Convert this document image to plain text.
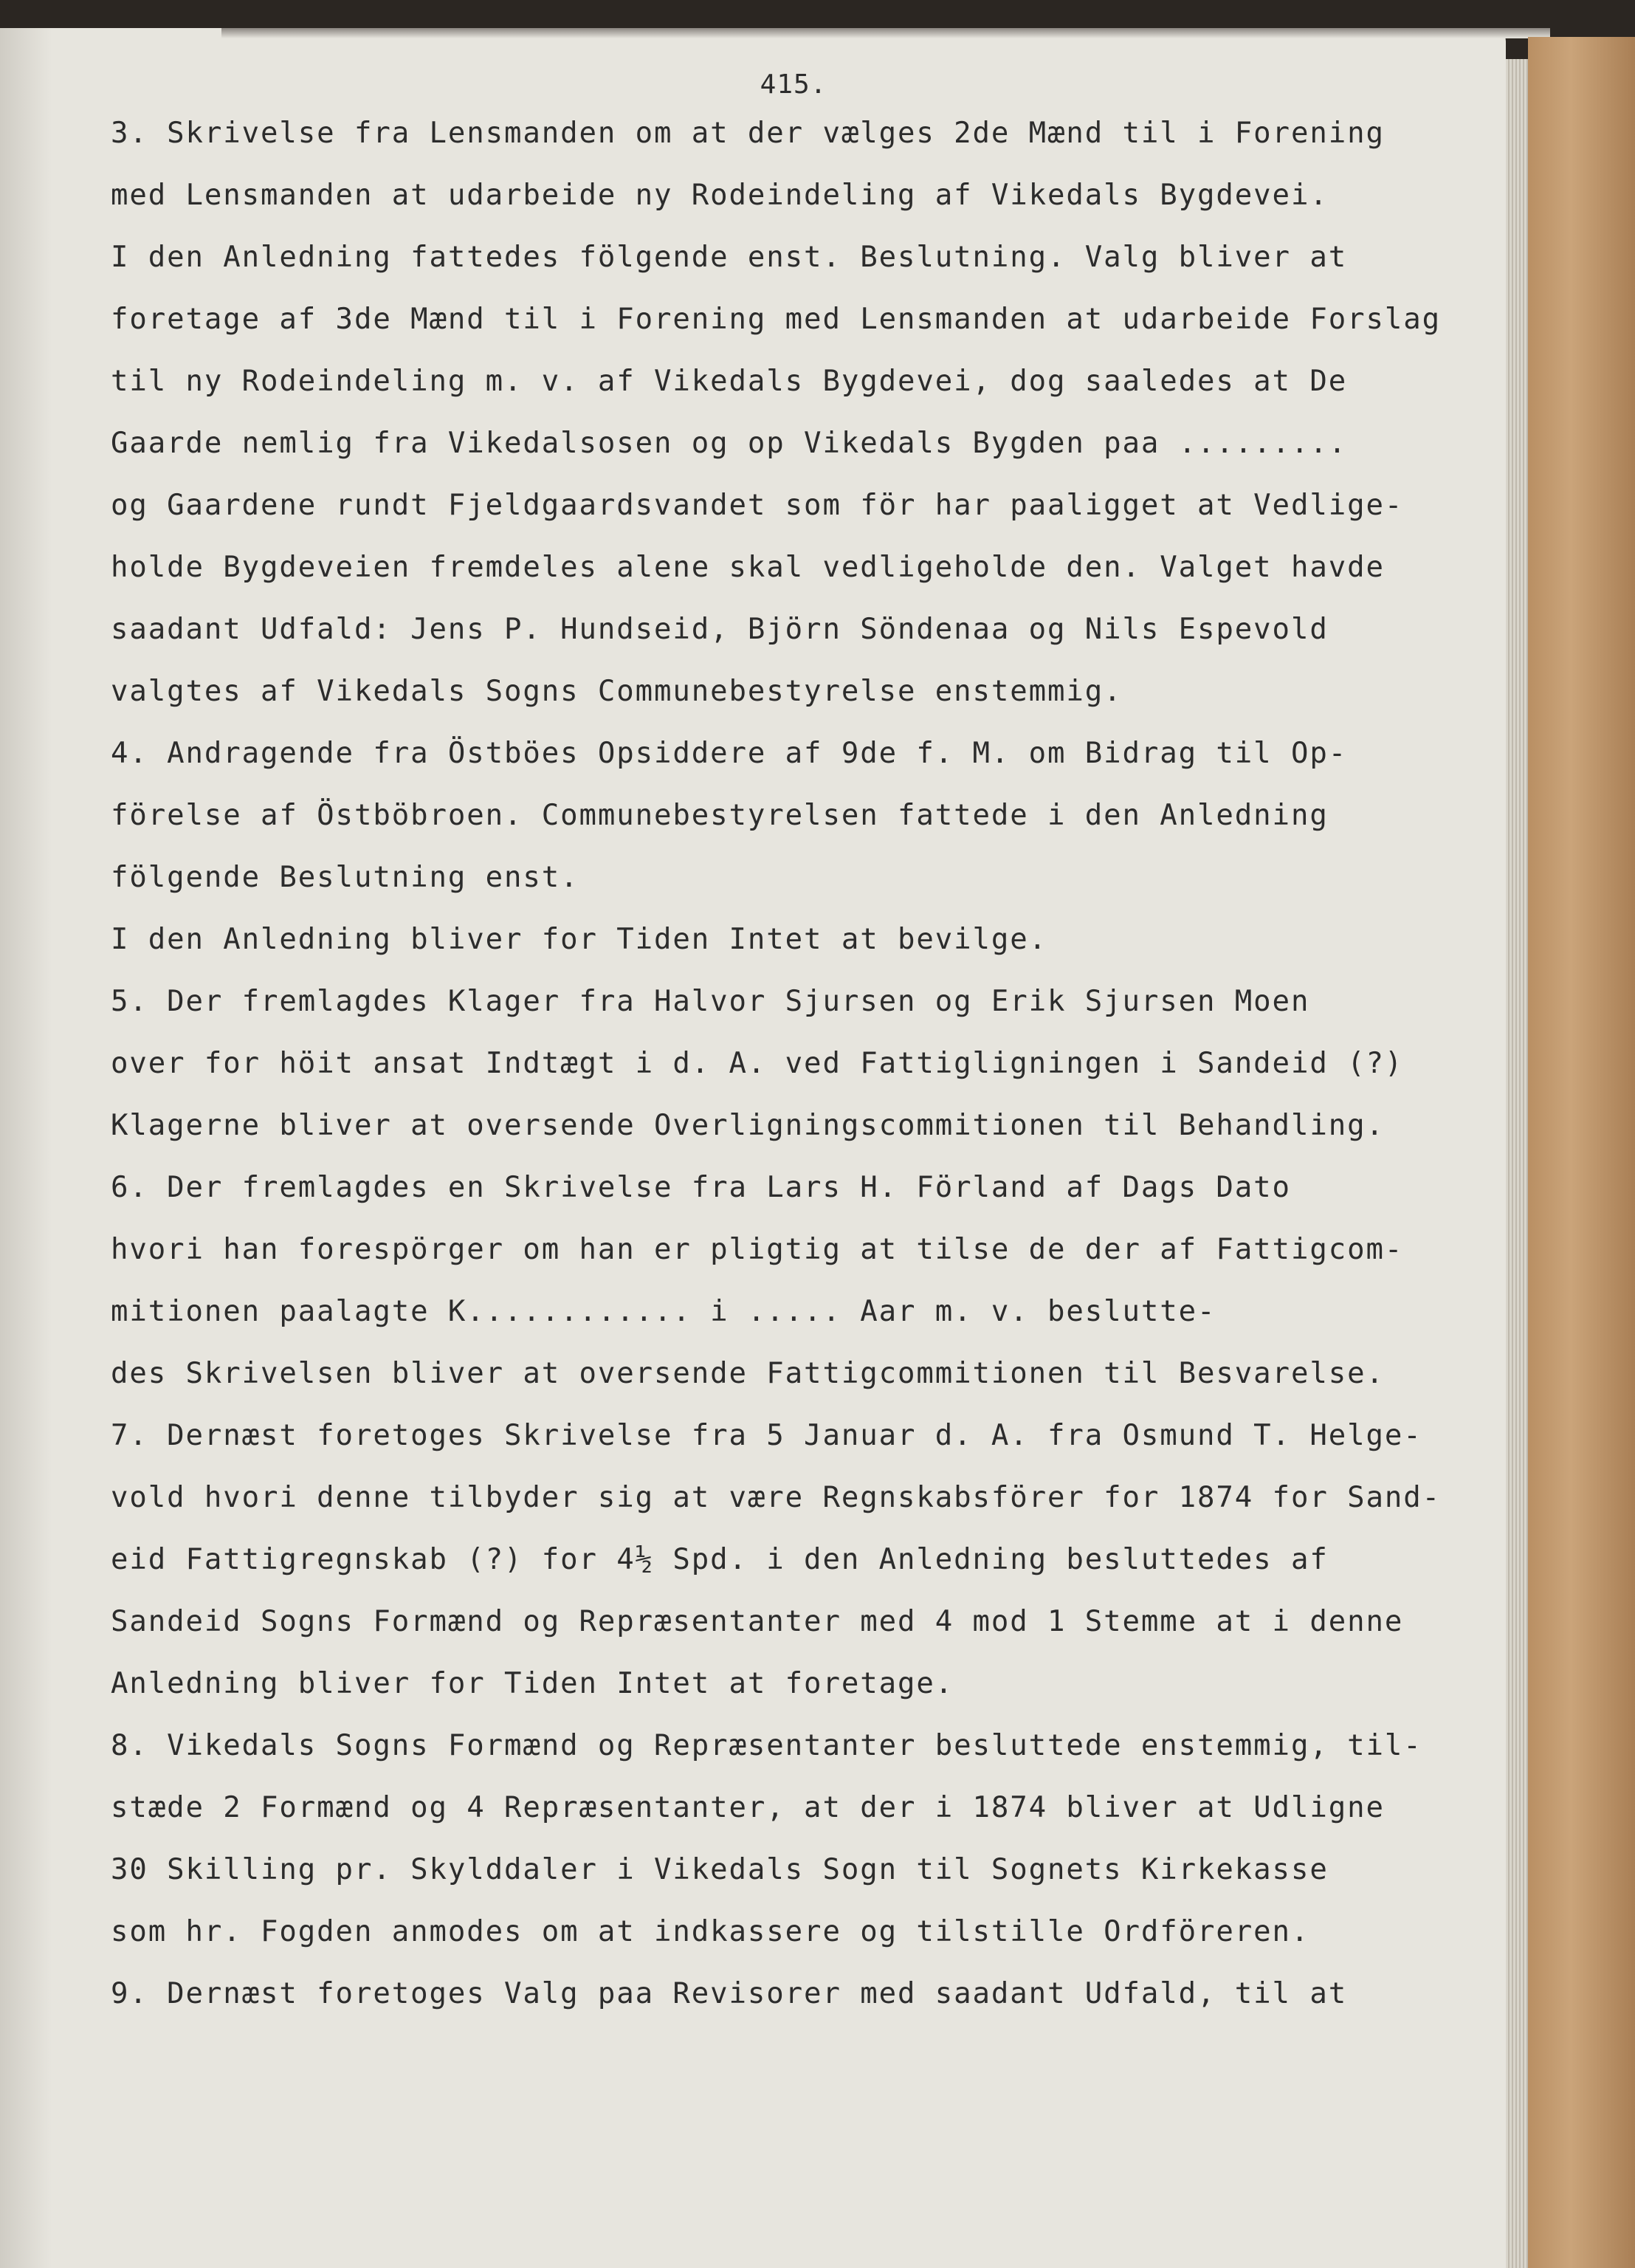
415.
3. Skrivelse fra Lensmanden om at der vælges 2de Mænd til i Forening
med Lensmanden at udarbeide ny Rodeindeling af Vikedals Bygdevei.
I den Anledning fattedes fölgende enst. Beslutning. Valg bliver at
foretage af 3de Mænd til i Forening med Lensmanden at udarbeide Forslag
til ny Rodeindeling m. v. af Vikedals Bygdevei, dog saaledes at De
Gaarde nemlig fra Vikedalsosen og op Vikedals Bygden paa .........
og Gaardene rundt Fjeldgaardsvandet som för har paaligget at Vedlige-
holde Bygdeveien fremdeles alene skal vedligeholde den. Valget havde
saadant Udfald: Jens P. Hundseid, Björn Söndenaa og Nils Espevold
valgtes af Vikedals Sogns Communebestyrelse enstemmig.
4. Andragende fra Östböes Opsiddere af 9de f. M. om Bidrag til Op-
förelse af Östböbroen. Communebestyrelsen fattede i den Anledning
fölgende Beslutning enst.
I den Anledning bliver for Tiden Intet at bevilge.
5. Der fremlagdes Klager fra Halvor Sjursen og Erik Sjursen Moen
over for höit ansat Indtægt i d. A. ved Fattigligningen i Sandeid (?)
Klagerne bliver at oversende Overligningscommitionen til Behandling.
6. Der fremlagdes en Skrivelse fra Lars H. Förland af Dags Dato
hvori han forespörger om han er pligtig at tilse de der af Fattigcom-
mitionen paalagte K............ i ..... Aar m. v. beslutte-
des Skrivelsen bliver at oversende Fattigcommitionen til Besvarelse.
7. Dernæst foretoges Skrivelse fra 5 Januar d. A. fra Osmund T. Helge-
vold hvori denne tilbyder sig at være Regnskabsförer for 1874 for Sand-
eid Fattigregnskab (?) for 4½ Spd. i den Anledning besluttedes af
Sandeid Sogns Formænd og Repræsentanter med 4 mod 1 Stemme at i denne
Anledning bliver for Tiden Intet at foretage.
8. Vikedals Sogns Formænd og Repræsentanter besluttede enstemmig, til-
stæde 2 Formænd og 4 Repræsentanter, at der i 1874 bliver at Udligne
30 Skilling pr. Skylddaler i Vikedals Sogn til Sognets Kirkekasse
som hr. Fogden anmodes om at indkassere og tilstille Ordföreren.
9. Dernæst foretoges Valg paa Revisorer med saadant Udfald, til at
